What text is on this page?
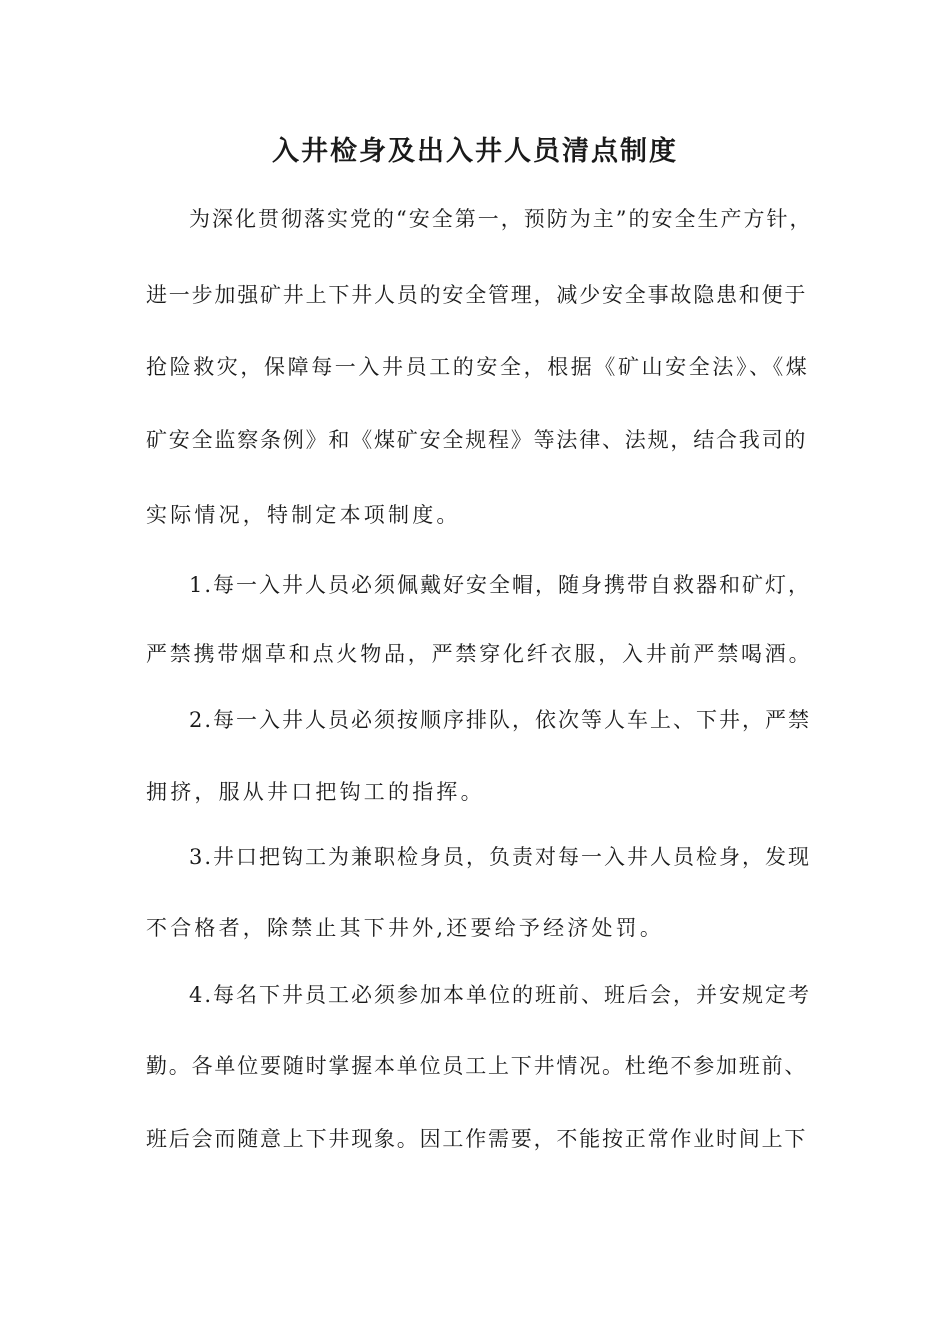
入井检身及出入井人员清点制度
为深化贯彻落实党的“安全第一，预防为主”的安全生产方针，
进一步加强矿井上下井人员的安全管理，减少安全事故隐患和便于
抢险救灾，保障每一入井员工的安全，根据《矿山安全法》、《煤
矿安全监察条例》和《煤矿安全规程》等法律、法规，结合我司的
实际情况，特制定本项制度。
1.每一入井人员必须佩戴好安全帽，随身携带自救器和矿灯，
严禁携带烟草和点火物品，严禁穿化纤衣服，入井前严禁喝酒。
2.每一入井人员必须按顺序排队，依次等人车上、下井，严禁
拥挤，服从井口把钩工的指挥。
3.井口把钩工为兼职检身员，负责对每一入井人员检身，发现
不合格者，除禁止其下井外,还要给予经济处罚。
4.每名下井员工必须参加本单位的班前、班后会，并安规定考
勤。各单位要随时掌握本单位员工上下井情况。杜绝不参加班前、
班后会而随意上下井现象。因工作需要，不能按正常作业时间上下
